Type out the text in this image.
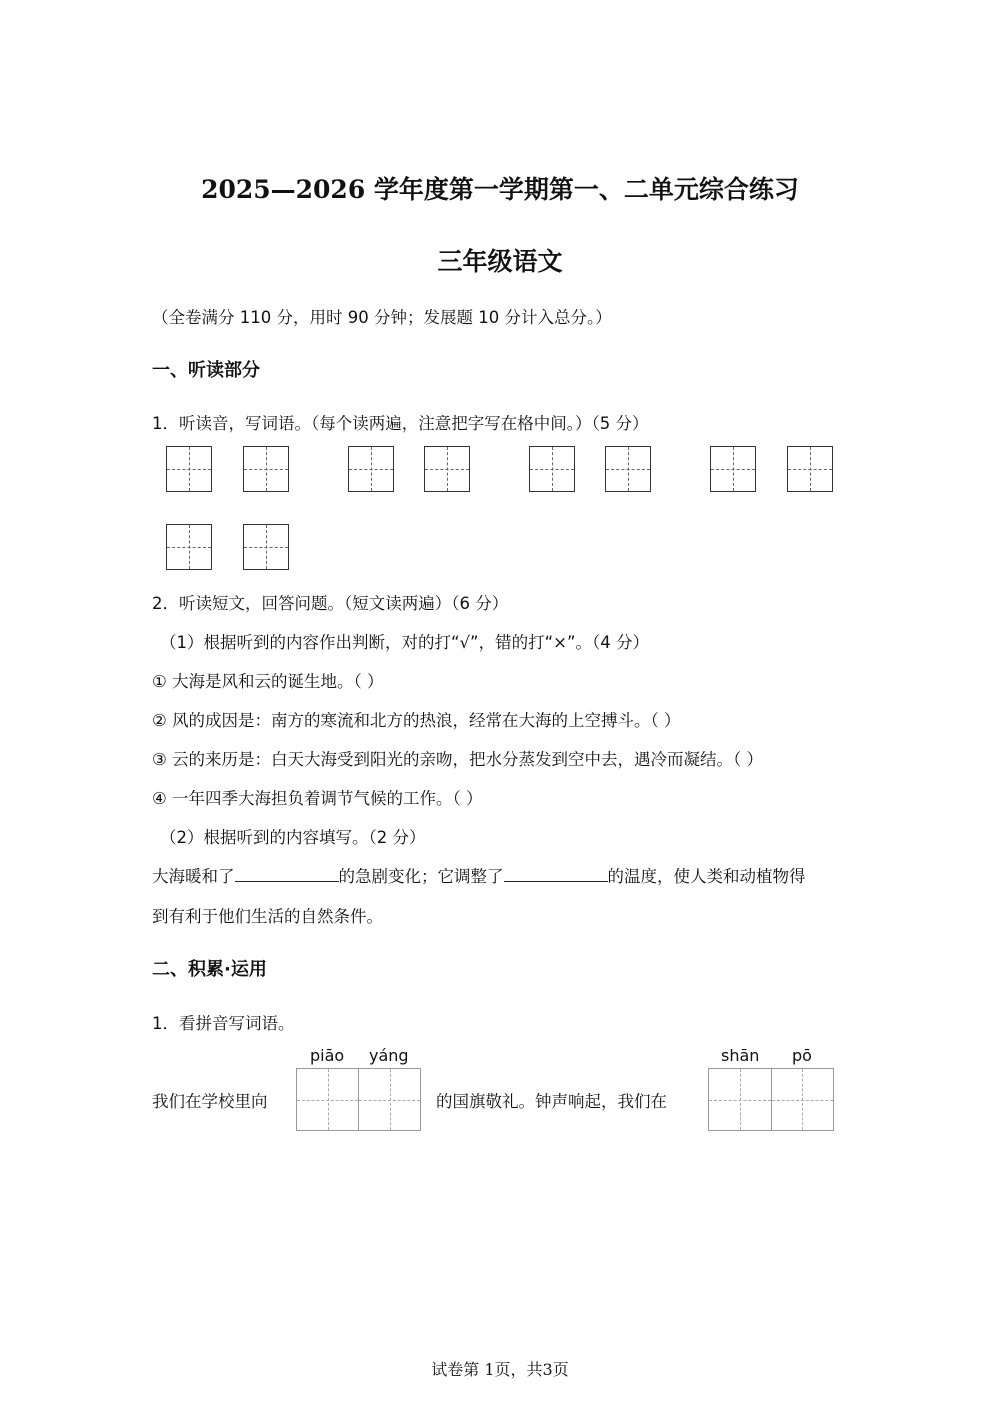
2025—2026 学年度第一学期第一、二单元综合练习
三年级语文
（全卷满分 110 分，用时 90 分钟；发展题 10 分计入总分。）
一、听读部分
1．听读音，写词语。（每个读两遍，注意把字写在格中间。）（5 分）
2．听读短文，回答问题。（短文读两遍）（6 分）
（1）根据听到的内容作出判断，对的打“√”，错的打“×”。（4 分）
① 大海是风和云的诞生地。（ ）
② 风的成因是：南方的寒流和北方的热浪，经常在大海的上空搏斗。（ ）
③ 云的来历是：白天大海受到阳光的亲吻，把水分蒸发到空中去，遇冷而凝结。（ ）
④ 一年四季大海担负着调节气候的工作。（ ）
（2）根据听到的内容填写。（2 分）
大海暖和了	的急剧变化；它调整了	的温度，使人类和动植物得
到有利于他们生活的自然条件。
二、积累·运用
1．看拼音写词语。
piāo yáng	shān pō
我们在学校里向	的国旗敬礼。钟声响起，我们在
试卷第 1页，共3页
